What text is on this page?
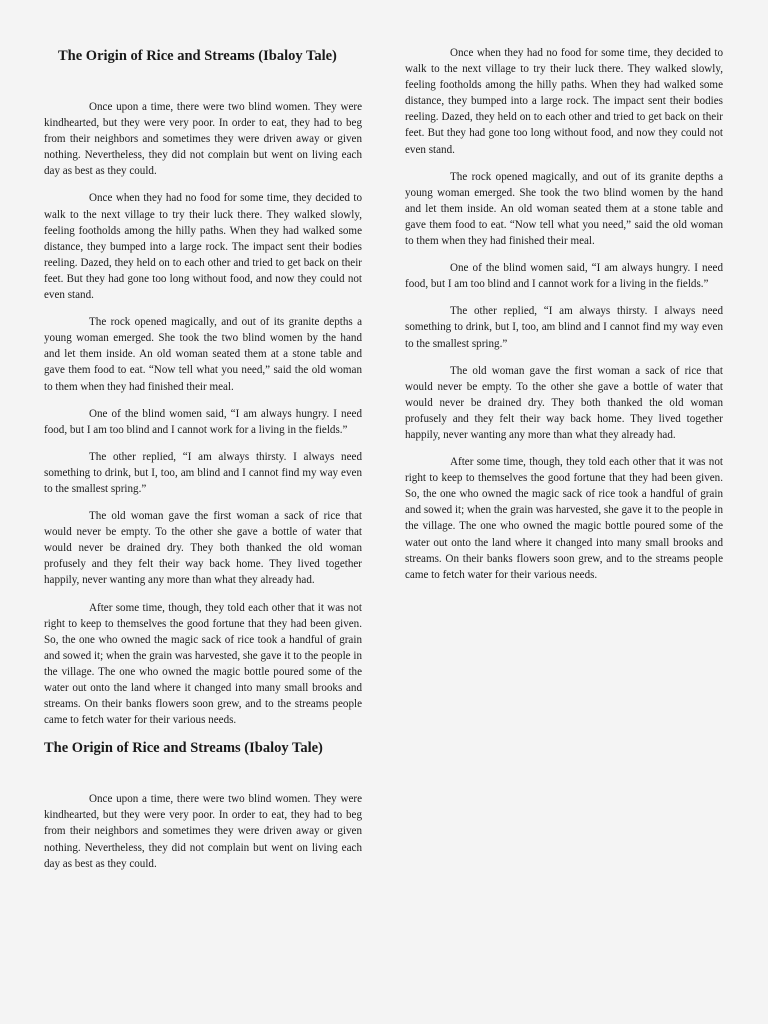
The Origin of Rice and Streams (Ibaloy Tale)

Once upon a time, there were two blind women. They were kindhearted, but they were very poor. In order to eat, they had to beg from their neighbors and sometimes they were driven away or given nothing. Nevertheless, they did not complain but went on living each day as best as they could.

Once when they had no food for some time, they decided to walk to the next village to try their luck there. They walked slowly, feeling footholds among the hilly paths. When they had walked some distance, they bumped into a large rock. The impact sent their bodies reeling. Dazed, they held on to each other and tried to get back on their feet. But they had gone too long without food, and now they could not even stand.

The rock opened magically, and out of its granite depths a young woman emerged. She took the two blind women by the hand and let them inside. An old woman seated them at a stone table and gave them food to eat. “Now tell what you need,” said the old woman to them when they had finished their meal.

One of the blind women said, “I am always hungry. I need food, but I am too blind and I cannot work for a living in the fields.”

The other replied, “I am always thirsty. I always need something to drink, but I, too, am blind and I cannot find my way even to the smallest spring.”

The old woman gave the first woman a sack of rice that would never be empty. To the other she gave a bottle of water that would never be drained dry. They both thanked the old woman profusely and they felt their way back home. They lived together happily, never wanting any more than what they already had.

After some time, though, they told each other that it was not right to keep to themselves the good fortune that they had been given. So, the one who owned the magic sack of rice took a handful of grain and sowed it; when the grain was harvested, she gave it to the people in the village. The one who owned the magic bottle poured some of the water out onto the land where it changed into many small brooks and streams. On their banks flowers soon grew, and to the streams people came to fetch water for their various needs.

The Origin of Rice and Streams (Ibaloy Tale)

Once upon a time, there were two blind women. They were kindhearted, but they were very poor. In order to eat, they had to beg from their neighbors and sometimes they were driven away or given nothing. Nevertheless, they did not complain but went on living each day as best as they could.

Once when they had no food for some time, they decided to walk to the next village to try their luck there. They walked slowly, feeling footholds among the hilly paths. When they had walked some distance, they bumped into a large rock. The impact sent their bodies reeling. Dazed, they held on to each other and tried to get back on their feet. But they had gone too long without food, and now they could not even stand.

The rock opened magically, and out of its granite depths a young woman emerged. She took the two blind women by the hand and let them inside. An old woman seated them at a stone table and gave them food to eat. “Now tell what you need,” said the old woman to them when they had finished their meal.

One of the blind women said, “I am always hungry. I need food, but I am too blind and I cannot work for a living in the fields.”

The other replied, “I am always thirsty. I always need something to drink, but I, too, am blind and I cannot find my way even to the smallest spring.”

The old woman gave the first woman a sack of rice that would never be empty. To the other she gave a bottle of water that would never be drained dry. They both thanked the old woman profusely and they felt their way back home. They lived together happily, never wanting any more than what they already had.

After some time, though, they told each other that it was not right to keep to themselves the good fortune that they had been given. So, the one who owned the magic sack of rice took a handful of grain and sowed it; when the grain was harvested, she gave it to the people in the village. The one who owned the magic bottle poured some of the water out onto the land where it changed into many small brooks and streams. On their banks flowers soon grew, and to the streams people came to fetch water for their various needs.
